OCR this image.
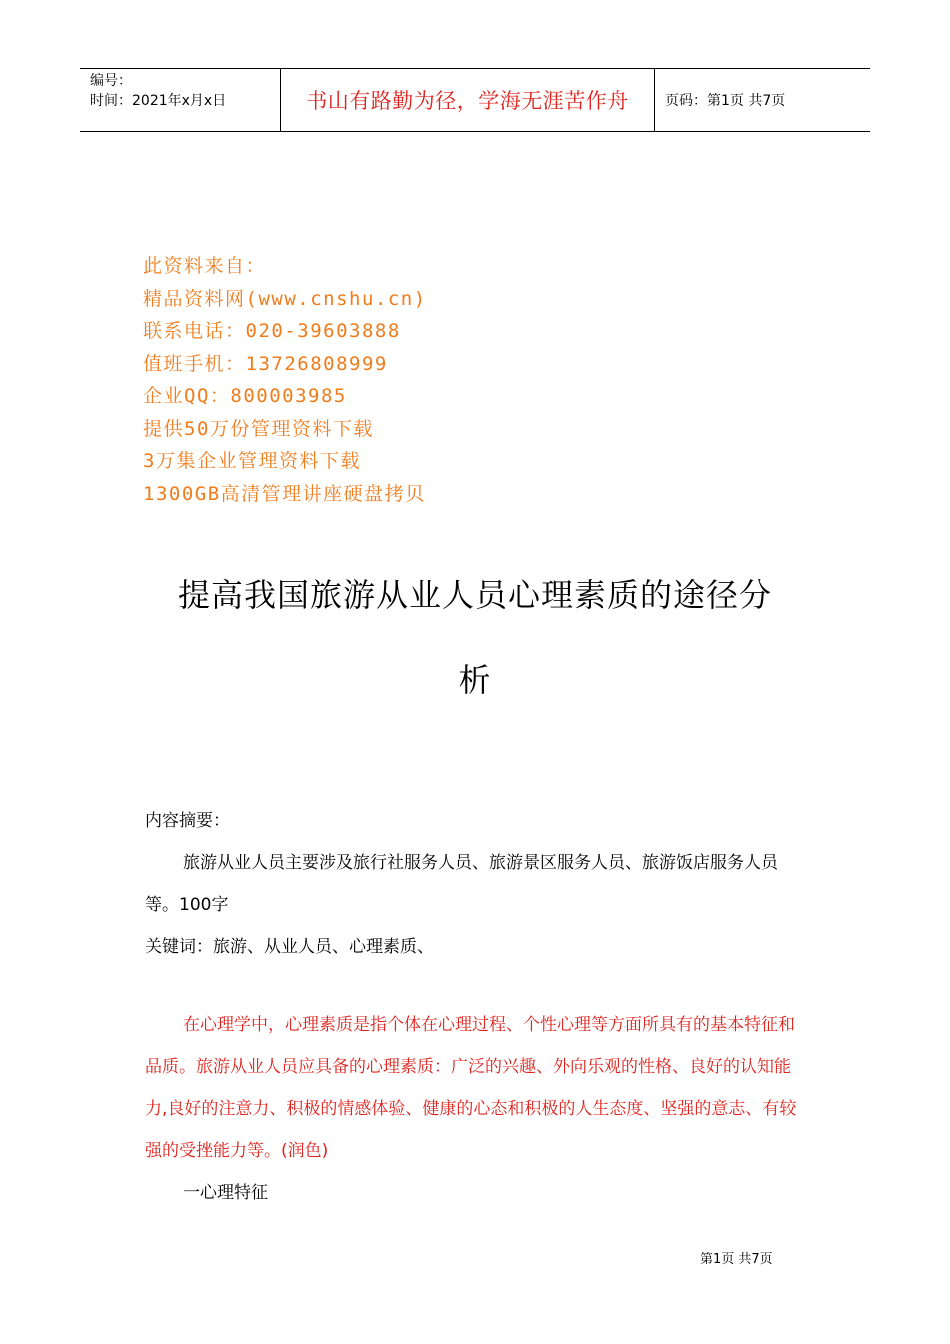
编号：
时间：2021年x月x日	书山有路勤为径，学海无涯苦作舟	页码：第1页 共7页
此资料来自：
精品资料网(www.cnshu.cn)
联系电话：020-39603888
值班手机：13726808999
企业QQ：800003985
提供50万份管理资料下载
3万集企业管理资料下载
1300GB高清管理讲座硬盘拷贝
提高我国旅游从业人员心理素质的途径分
析
内容摘要：
旅游从业人员主要涉及旅行社服务人员、旅游景区服务人员、旅游饭店服务人员等。100字
关键词：旅游、从业人员、心理素质、
在心理学中，心理素质是指个体在心理过程、个性心理等方面所具有的基本特征和品质。旅游从业人员应具备的心理素质：广泛的兴趣、外向乐观的性格、良好的认知能力,良好的注意力、积极的情感体验、健康的心态和积极的人生态度、坚强的意志、有较强的受挫能力等。(润色)
一心理特征
第1页 共7页
